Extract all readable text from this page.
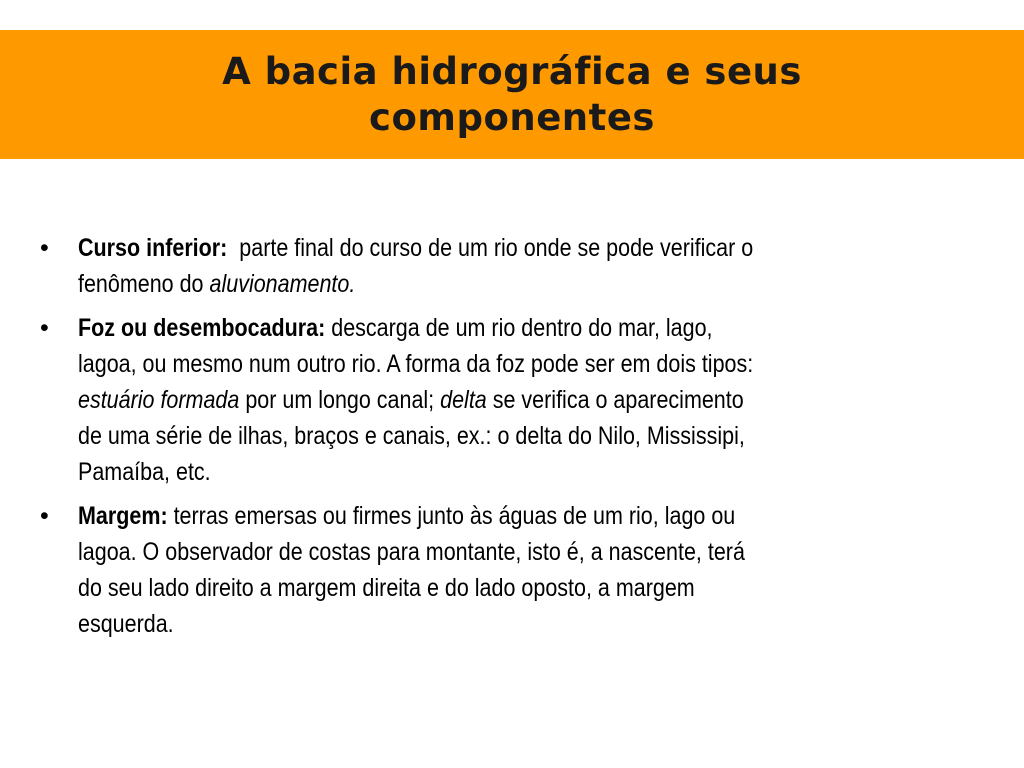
A bacia hidrográfica e seus
componentes
• Curso inferior: parte final do curso de um rio onde se pode verificar o
fenômeno do aluvionamento.
• Foz ou desembocadura: descarga de um rio dentro do mar, lago,
lagoa, ou mesmo num outro rio. A forma da foz pode ser em dois tipos:
estuário formada por um longo canal; delta se verifica o aparecimento
de uma série de ilhas, braços e canais, ex.: o delta do Nilo, Mississipi,
Pamaíba, etc.
• Margem: terras emersas ou firmes junto às águas de um rio, lago ou
lagoa. O observador de costas para montante, isto é, a nascente, terá
do seu lado direito a margem direita e do lado oposto, a margem
esquerda.
